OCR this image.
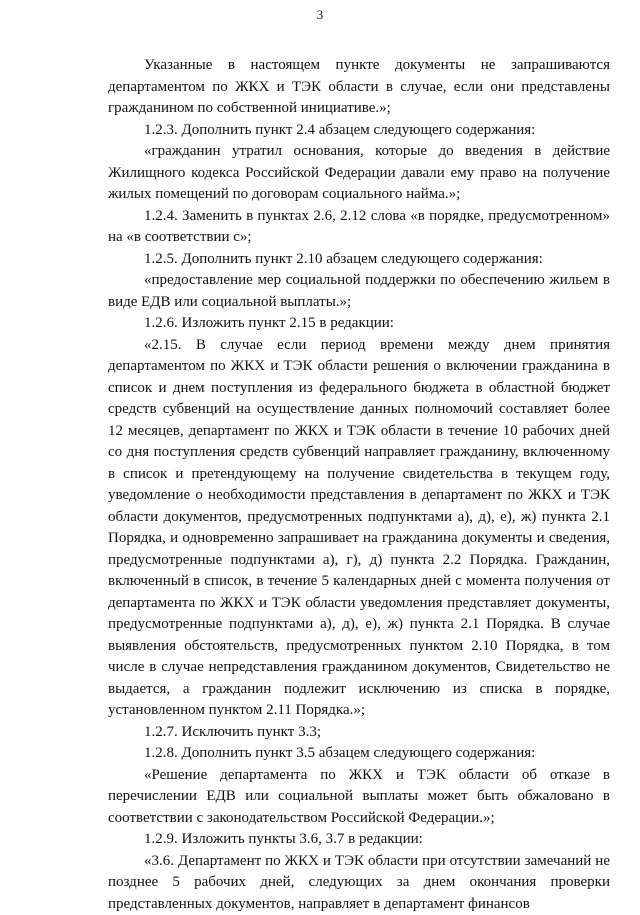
3

Указанные в настоящем пункте документы не запрашиваются департаментом по ЖКХ и ТЭК области в случае, если они представлены гражданином по собственной инициативе.»;

1.2.3. Дополнить пункт 2.4 абзацем следующего содержания:

«гражданин утратил основания, которые до введения в действие Жилищного кодекса Российской Федерации давали ему право на получение жилых помещений по договорам социального найма.»;

1.2.4. Заменить в пунктах 2.6, 2.12 слова «в порядке, предусмотренном» на «в соответствии с»;

1.2.5. Дополнить пункт 2.10 абзацем следующего содержания:

«предоставление мер социальной поддержки по обеспечению жильем в виде ЕДВ или социальной выплаты.»;

1.2.6. Изложить пункт 2.15 в редакции:

«2.15. В случае если период времени между днем принятия департаментом по ЖКХ и ТЭК области решения о включении гражданина в список и днем поступления из федерального бюджета в областной бюджет средств субвенций на осуществление данных полномочий составляет более 12 месяцев, департамент по ЖКХ и ТЭК области в течение 10 рабочих дней со дня поступления средств субвенций направляет гражданину, включенному в список и претендующему на получение свидетельства в текущем году, уведомление о необходимости представления в департамент по ЖКХ и ТЭК области документов, предусмотренных подпунктами а), д), е), ж) пункта 2.1 Порядка, и одновременно запрашивает на гражданина документы и сведения, предусмотренные подпунктами а), г), д) пункта 2.2 Порядка. Гражданин, включенный в список, в течение 5 календарных дней с момента получения от департамента по ЖКХ и ТЭК области уведомления представляет документы, предусмотренные подпунктами а), д), е), ж) пункта 2.1 Порядка. В случае выявления обстоятельств, предусмотренных пунктом 2.10 Порядка, в том числе в случае непредставления гражданином документов, Свидетельство не выдается, а гражданин подлежит исключению из списка в порядке, установленном пунктом 2.11 Порядка.»;

1.2.7. Исключить пункт 3.3;

1.2.8. Дополнить пункт 3.5 абзацем следующего содержания:

«Решение департамента по ЖКХ и ТЭК области об отказе в перечислении ЕДВ или социальной выплаты может быть обжаловано в соответствии с законодательством Российской Федерации.»;

1.2.9. Изложить пункты 3.6, 3.7 в редакции:

«3.6. Департамент по ЖКХ и ТЭК области при отсутствии замечаний не позднее 5 рабочих дней, следующих за днем окончания проверки представленных документов, направляет в департамент финансов
